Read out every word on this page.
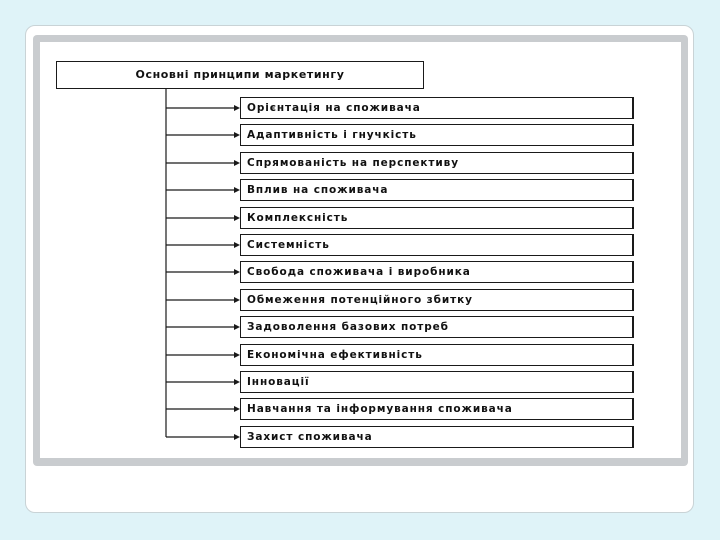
Основні принципи маркетингу
Орієнтація на споживача
Адаптивність і гнучкість
Спрямованість на перспективу
Вплив на споживача
Комплексність
Системність
Свобода споживача і виробника
Обмеження потенційного збитку
Задоволення базових потреб
Економічна ефективність
Інновації
Навчання та інформування споживача
Захист споживача
